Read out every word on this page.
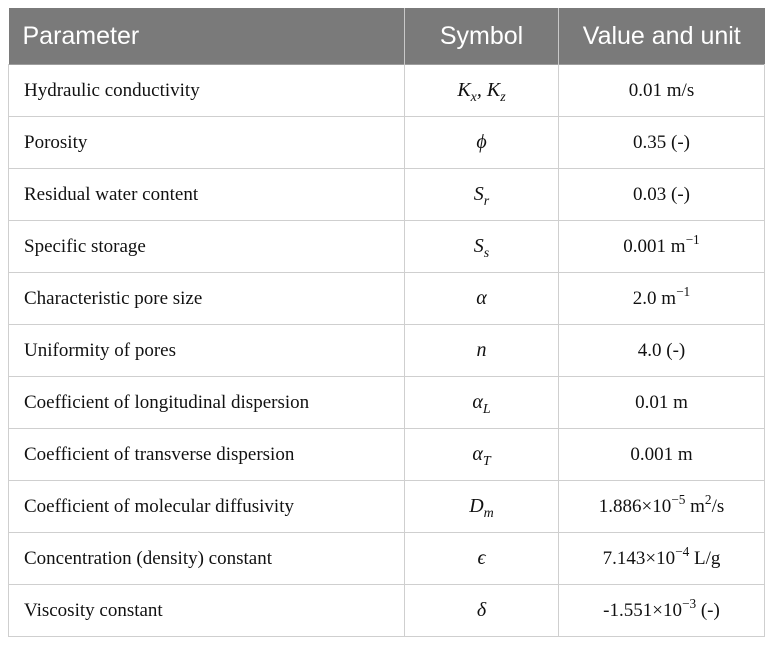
Parameter	Symbol	Value and unit
Hydraulic conductivity	$K_x$, $K_z$	0.01 m/s
Porosity	ϕ	0.35 (-)
Residual water content	$S_r$	0.03 (-)
Specific storage	$S_s$	0.001 $m^{-1}$
Characteristic pore size	α	2.0 $m^{-1}$
Uniformity of pores	n	4.0 (-)
Coefficient of longitudinal dispersion	$\alpha_L$	0.01 m
Coefficient of transverse dispersion	$\alpha_T$	0.001 m
Coefficient of molecular diffusivity	$D_m$	$1.886\times 10^{-5}$ $m^2/s$
Concentration (density) constant	ϵ	$7.143\times 10^{-4}$ L/g
Viscosity constant	δ	$-1.551\times 10^{-3}$ (-)
